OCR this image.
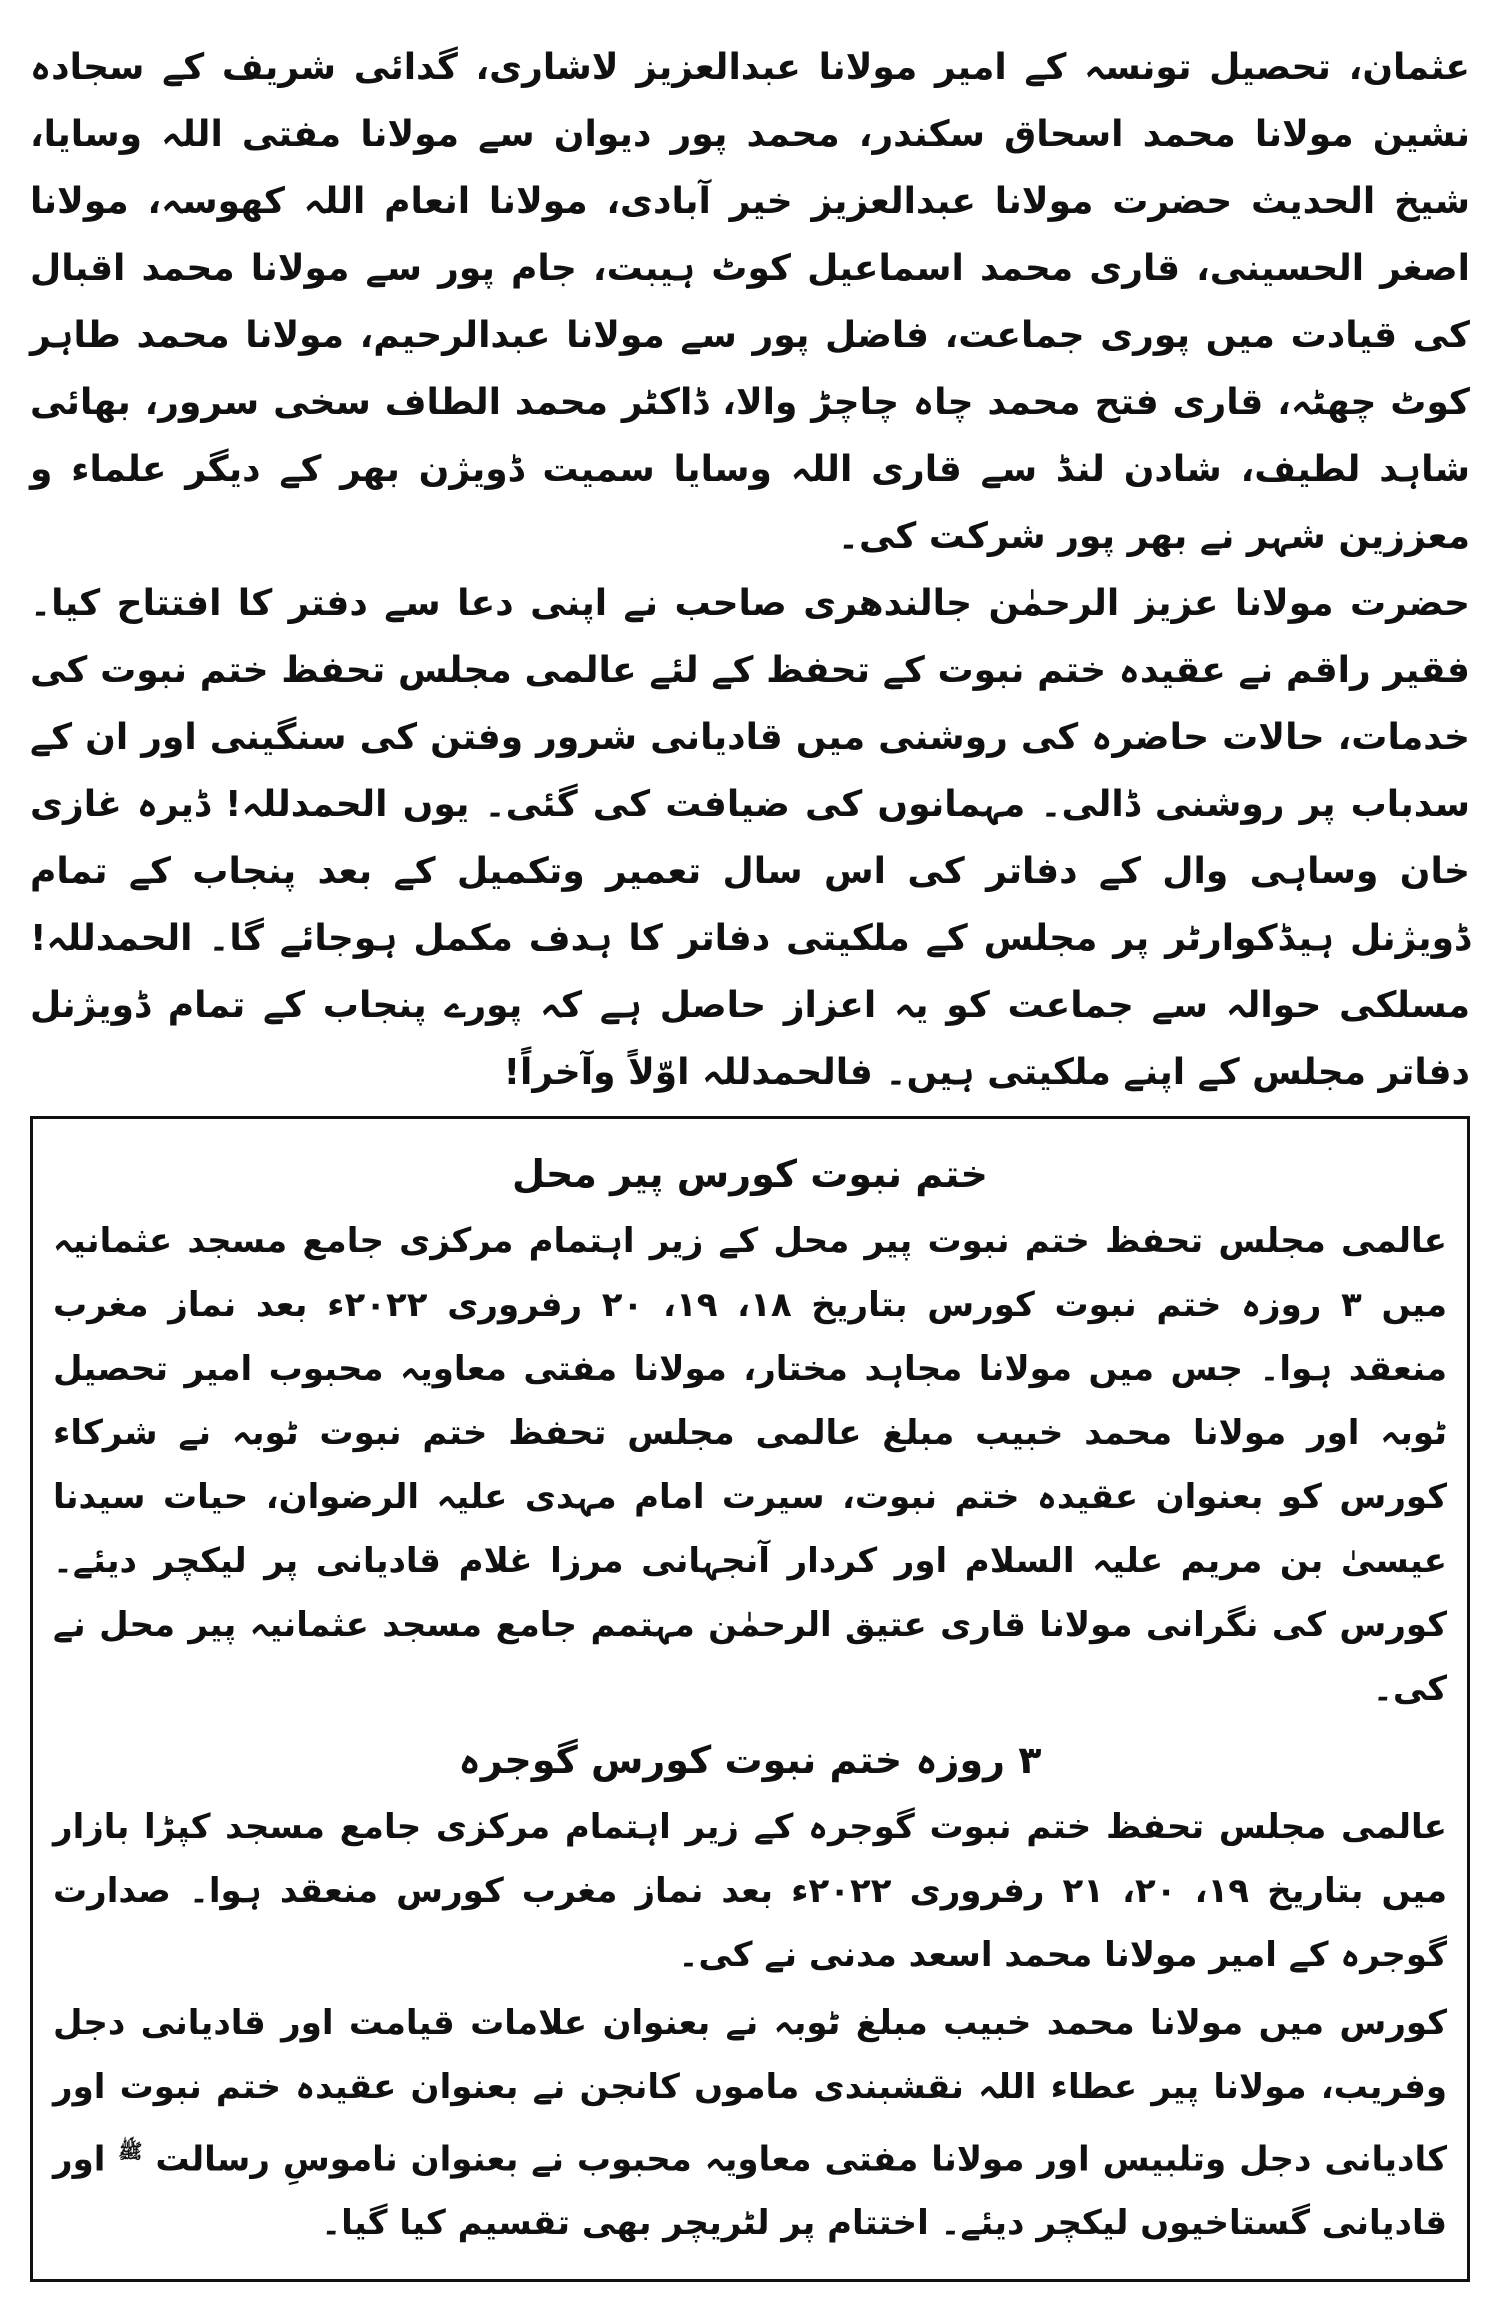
عثمان، تحصیل تونسہ کے امیر مولانا عبدالعزیز لاشاری، گدائی شریف کے سجادہ نشین مولانا محمد اسحاق سکندر، محمد پور دیوان سے مولانا مفتی اللہ وسایا، شیخ الحدیث حضرت مولانا عبدالعزیز خیر آبادی، مولانا انعام اللہ کھوسہ، مولانا اصغر الحسینی، قاری محمد اسماعیل کوٹ ہیبت، جام پور سے مولانا محمد اقبال کی قیادت میں پوری جماعت، فاضل پور سے مولانا عبدالرحیم، مولانا محمد طاہر کوٹ چھٹہ، قاری فتح محمد چاہ چاچڑ والا، ڈاکٹر محمد الطاف سخی سرور، بھائی شاہد لطیف، شادن لنڈ سے قاری اللہ وسایا سمیت ڈویژن بھر کے دیگر علماء و معززین شہر نے بھر پور شرکت کی۔

حضرت مولانا عزیز الرحمٰن جالندھری صاحب نے اپنی دعا سے دفتر کا افتتاح کیا۔ فقیر راقم نے عقیدہ ختم نبوت کے تحفظ کے لئے عالمی مجلس تحفظ ختم نبوت کی خدمات، حالات حاضرہ کی روشنی میں قادیانی شرور وفتن کی سنگینی اور ان کے سدباب پر روشنی ڈالی۔ مہمانوں کی ضیافت کی گئی۔ یوں الحمدللہ! ڈیرہ غازی خان وساہی وال کے دفاتر کی اس سال تعمیر وتکمیل کے بعد پنجاب کے تمام ڈویژنل ہیڈکوارٹر پر مجلس کے ملکیتی دفاتر کا ہدف مکمل ہوجائے گا۔ الحمدللہ! مسلکی حوالہ سے جماعت کو یہ اعزاز حاصل ہے کہ پورے پنجاب کے تمام ڈویژنل دفاتر مجلس کے اپنے ملکیتی ہیں۔ فالحمدللہ اوّلاً وآخراً!

ختم نبوت کورس پیر محل

عالمی مجلس تحفظ ختم نبوت پیر محل کے زیر اہتمام مرکزی جامع مسجد عثمانیہ میں ۳ روزہ ختم نبوت کورس بتاریخ ۱۸، ۱۹، ۲۰ رفروری ۲۰۲۲ء بعد نماز مغرب منعقد ہوا۔ جس میں مولانا مجاہد مختار، مولانا مفتی معاویہ محبوب امیر تحصیل ٹوبہ اور مولانا محمد خبیب مبلغ عالمی مجلس تحفظ ختم نبوت ٹوبہ نے شرکاء کورس کو بعنوان عقیدہ ختم نبوت، سیرت امام مہدی علیہ الرضوان، حیات سیدنا عیسیٰ بن مریم علیہ السلام اور کردار آنجہانی مرزا غلام قادیانی پر لیکچر دیئے۔ کورس کی نگرانی مولانا قاری عتیق الرحمٰن مہتمم جامع مسجد عثمانیہ پیر محل نے کی۔

۳ روزہ ختم نبوت کورس گوجرہ

عالمی مجلس تحفظ ختم نبوت گوجرہ کے زیر اہتمام مرکزی جامع مسجد کپڑا بازار میں بتاریخ ۱۹، ۲۰، ۲۱ رفروری ۲۰۲۲ء بعد نماز مغرب کورس منعقد ہوا۔ صدارت گوجرہ کے امیر مولانا محمد اسعد مدنی نے کی۔

کورس میں مولانا محمد خبیب مبلغ ٹوبہ نے بعنوان علامات قیامت اور قادیانی دجل وفریب، مولانا پیر عطاء اللہ نقشبندی ماموں کانجن نے بعنوان عقیدہ ختم نبوت اور کادیانی دجل وتلبیس اور مولانا مفتی معاویہ محبوب نے بعنوان ناموسِ رسالت $^ﷺ$ اور قادیانی گستاخیوں لیکچر دیئے۔ اختتام پر لٹریچر بھی تقسیم کیا گیا۔
